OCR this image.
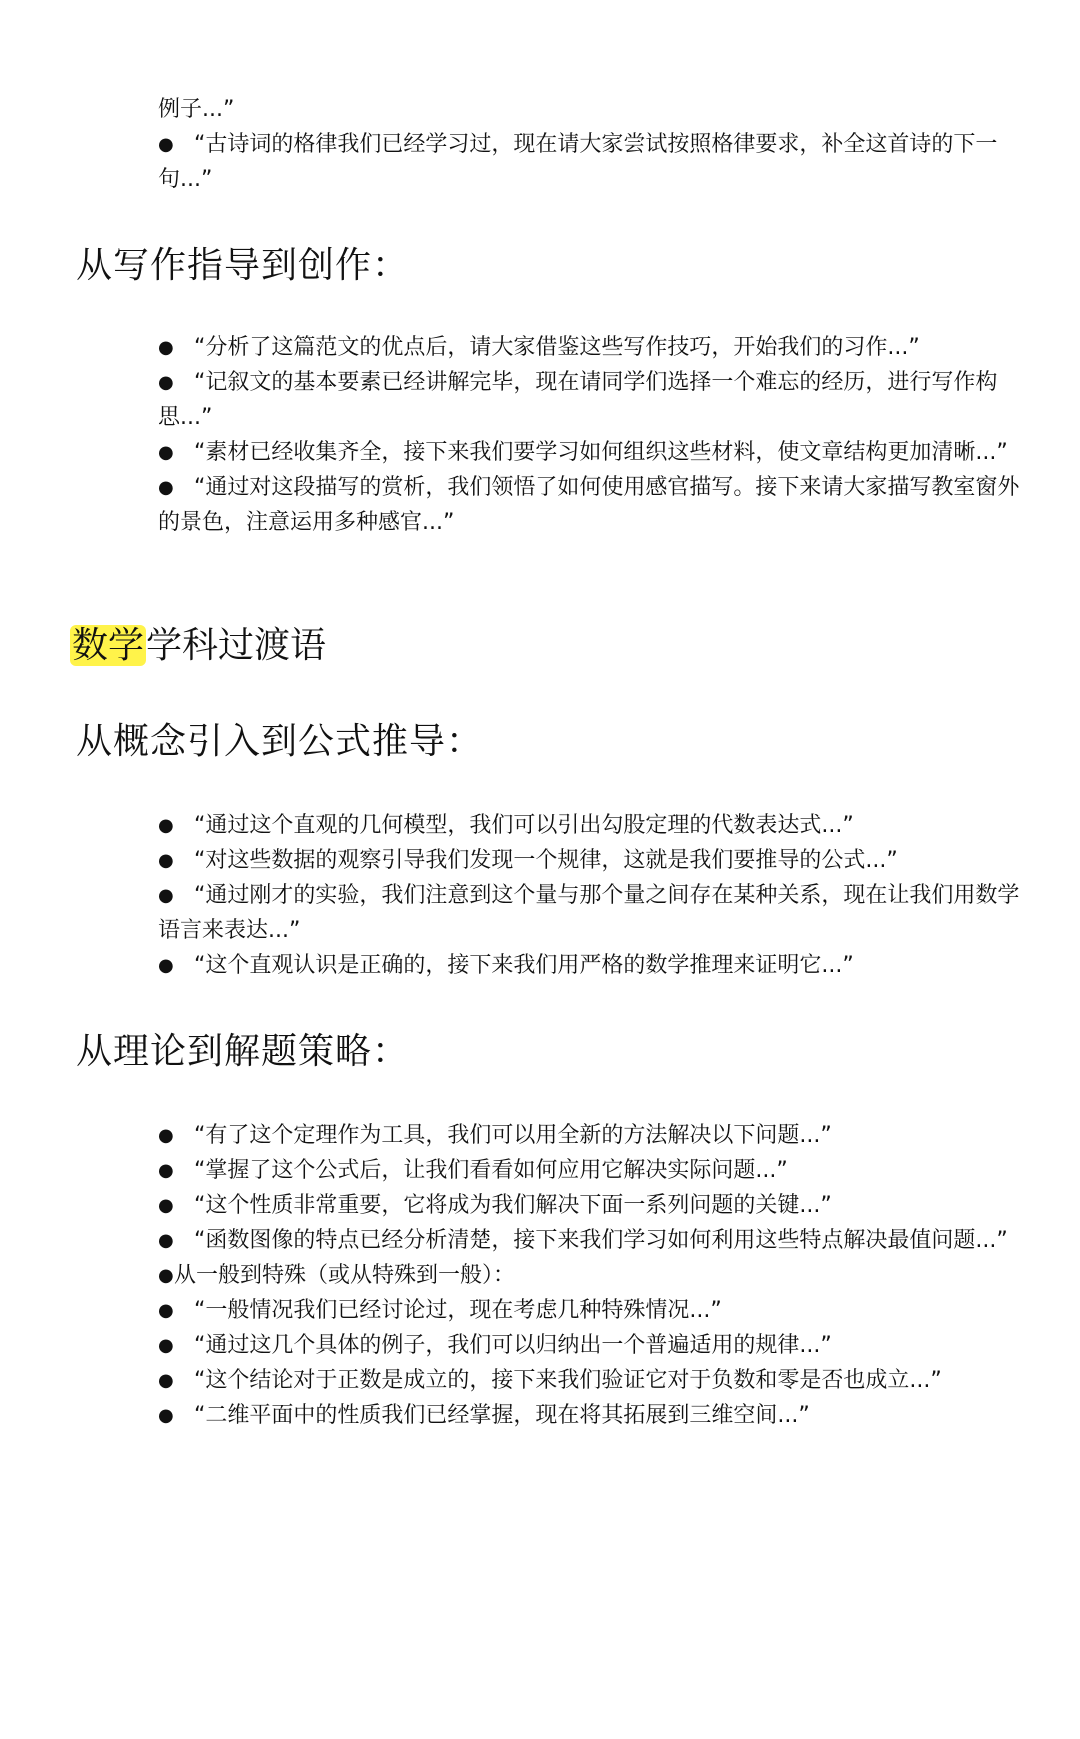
例子...”

● “古诗词的格律我们已经学习过，现在请大家尝试按照格律要求，补全这首诗的下一句...”
从写作指导到创作：
● “分析了这篇范文的优点后，请大家借鉴这些写作技巧，开始我们的习作...”
● “记叙文的基本要素已经讲解完毕，现在请同学们选择一个难忘的经历，进行写作构思...”
● “素材已经收集齐全，接下来我们要学习如何组织这些材料，使文章结构更加清晰...”
● “通过对这段描写的赏析，我们领悟了如何使用感官描写。接下来请大家描写教室窗外的景色，注意运用多种感官...”
数学学科过渡语
从概念引入到公式推导：
● “通过这个直观的几何模型，我们可以引出勾股定理的代数表达式...”
● “对这些数据的观察引导我们发现一个规律，这就是我们要推导的公式...”
● “通过刚才的实验，我们注意到这个量与那个量之间存在某种关系，现在让我们用数学语言来表达...”
● “这个直观认识是正确的，接下来我们用严格的数学推理来证明它...”
从理论到解题策略：
● “有了这个定理作为工具，我们可以用全新的方法解决以下问题...”
● “掌握了这个公式后，让我们看看如何应用它解决实际问题...”
● “这个性质非常重要，它将成为我们解决下面一系列问题的关键...”
● “函数图像的特点已经分析清楚，接下来我们学习如何利用这些特点解决最值问题...”
●从一般到特殊（或从特殊到一般）：
● “一般情况我们已经讨论过，现在考虑几种特殊情况...”
● “通过这几个具体的例子，我们可以归纳出一个普遍适用的规律...”
● “这个结论对于正数是成立的，接下来我们验证它对于负数和零是否也成立...”
● “二维平面中的性质我们已经掌握，现在将其拓展到三维空间...”
